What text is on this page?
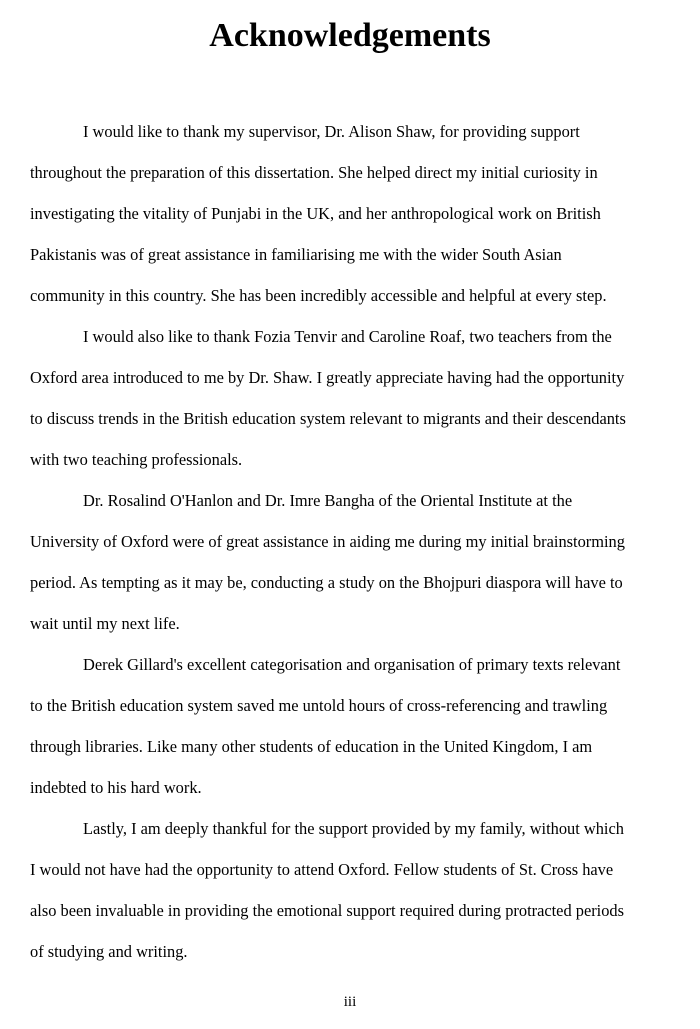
Acknowledgements
I would like to thank my supervisor, Dr. Alison Shaw, for providing support
throughout the preparation of this dissertation. She helped direct my initial curiosity in
investigating the vitality of Punjabi in the UK, and her anthropological work on British
Pakistanis was of great assistance in familiarising me with the wider South Asian
community in this country. She has been incredibly accessible and helpful at every step.
I would also like to thank Fozia Tenvir and Caroline Roaf, two teachers from the
Oxford area introduced to me by Dr. Shaw. I greatly appreciate having had the opportunity
to discuss trends in the British education system relevant to migrants and their descendants
with two teaching professionals.
Dr. Rosalind O'Hanlon and Dr. Imre Bangha of the Oriental Institute at the
University of Oxford were of great assistance in aiding me during my initial brainstorming
period. As tempting as it may be, conducting a study on the Bhojpuri diaspora will have to
wait until my next life.
Derek Gillard's excellent categorisation and organisation of primary texts relevant
to the British education system saved me untold hours of cross-referencing and trawling
through libraries. Like many other students of education in the United Kingdom, I am
indebted to his hard work.
Lastly, I am deeply thankful for the support provided by my family, without which
I would not have had the opportunity to attend Oxford. Fellow students of St. Cross have
also been invaluable in providing the emotional support required during protracted periods
of studying and writing.
iii
